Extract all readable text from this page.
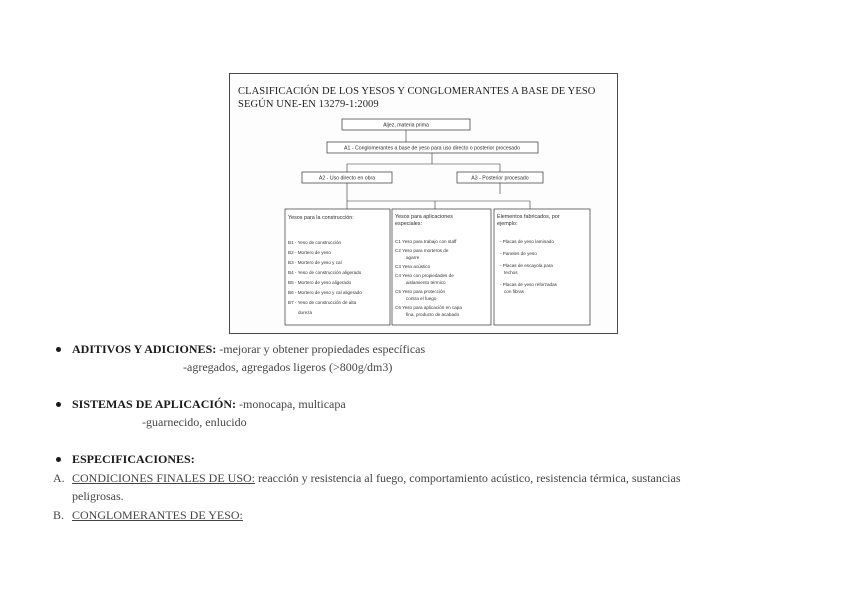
CLASIFICACIÓN DE LOS YESOS Y CONGLOMERANTES A BASE DE YESO
SEGÚN UNE-EN 13279-1:2009
Aljez, materia prima
A1 - Conglomerantes a base de yeso para uso directo o posterior procesado
A2 - Uso directo en obra	A3 - Posterior procesado
Yesos para la construcción:
B1 - Yeso de construcción
B2 - Mortero de yeso
B3 - Mortero de yeso y cal
B4 - Yeso de construcción aligerado
B5 - Mortero de yeso aligerado
B6 - Mortero de yeso y cal aligerado
B7 - Yeso de construcción de alta
dureza
Yesos para aplicaciones
especiales:
C1 Yeso para trabajo con staff
C2 Yeso para morteros de
agarre
C3 Yeso acústico
C4 Yeso con propiedades de
aislamiento térmico
C5 Yeso para protección
contra el fuego
C6 Yeso para aplicación en capa
fina, producto de acabado
Elementos fabricados, por
ejemplo:
- Placas de yeso laminado
- Paneles de yeso
- Placas de escayola para
techos
- Placas de yeso reforzadas
con fibras
ADITIVOS Y ADICIONES: -mejorar y obtener propiedades específicas
-agregados, agregados ligeros (>800g/dm3)
SISTEMAS DE APLICACIÓN: -monocapa, multicapa
-guarnecido, enlucido
ESPECIFICACIONES:
A. CONDICIONES FINALES DE USO: reacción y resistencia al fuego, comportamiento acústico, resistencia térmica, sustancias
peligrosas.
B. CONGLOMERANTES DE YESO:
